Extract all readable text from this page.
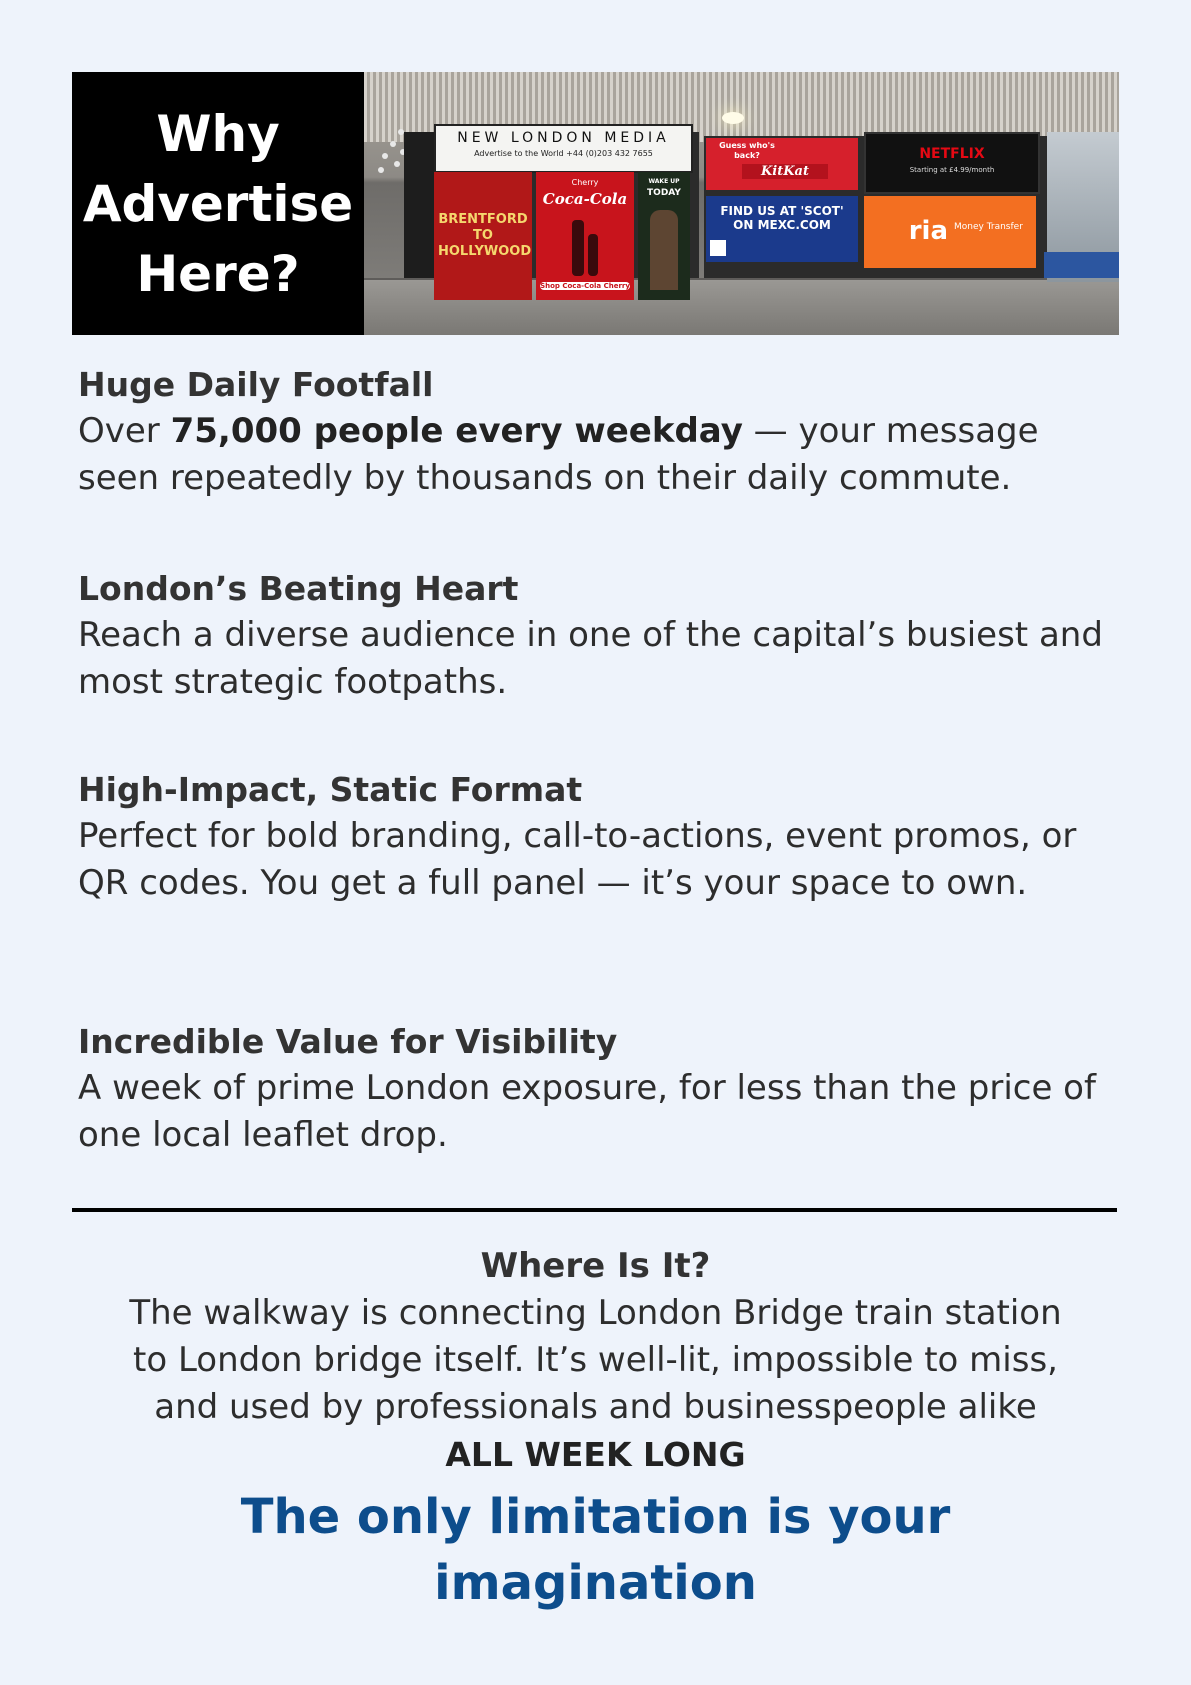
Why
Advertise
Here?
NEW LONDON MEDIA
Advertise to the World +44 (0)203 432 7655
BRENTFORD TO HOLLYWOOD
Cherry
Coca-Cola
Shop Coca-Cola Cherry
WAKE UP
TODAY
Guess who's back?
KitKat
FIND US AT 'SCOT' ON MEXC.COM
NETFLIX
Starting at £4.99/month
ria Money Transfer
Huge Daily Footfall
Over 75,000 people every weekday — your message seen repeatedly by thousands on their daily commute.
London’s Beating Heart
Reach a diverse audience in one of the capital’s busiest and most strategic footpaths.
High-Impact, Static Format
Perfect for bold branding, call-to-actions, event promos, or QR codes. You get a full panel — it’s your space to own.
Incredible Value for Visibility
A week of prime London exposure, for less than the price of one local leaflet drop.
Where Is It?
The walkway is connecting London Bridge train station
to London bridge itself. It’s well-lit, impossible to miss,
and used by professionals and businesspeople alike
ALL WEEK LONG
The only limitation is your imagination
